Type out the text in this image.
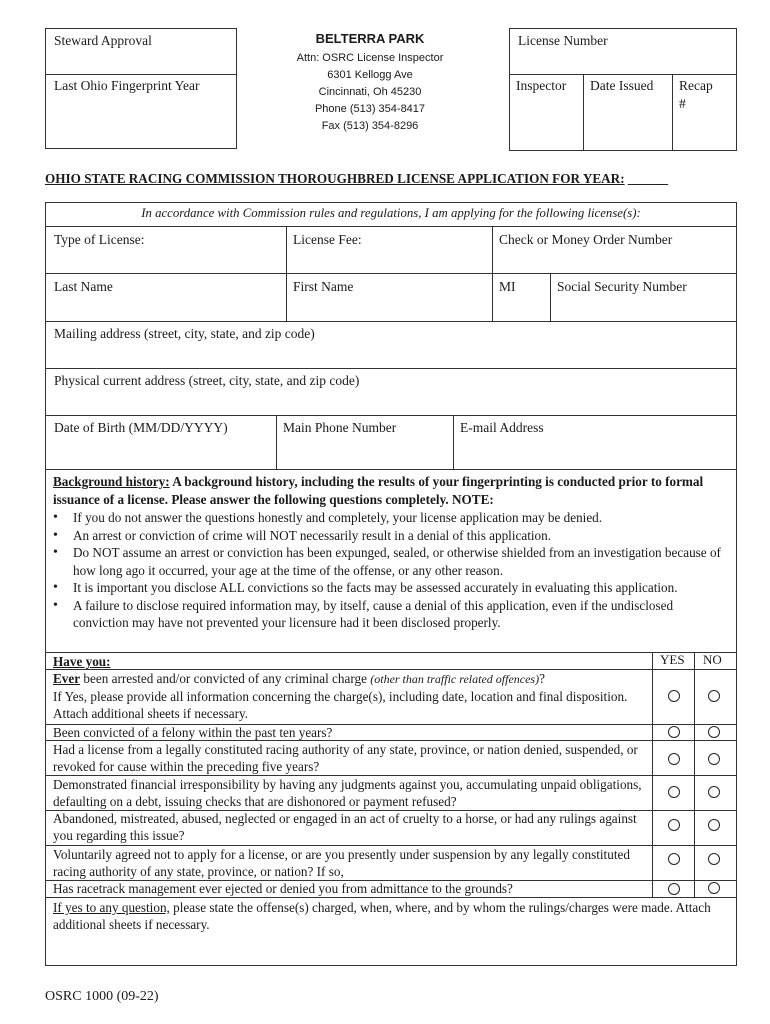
Steward Approval
Last Ohio Fingerprint Year
BELTERRA PARK
Attn: OSRC License Inspector
6301 Kellogg Ave
Cincinnati, Oh 45230
Phone (513) 354-8417
Fax (513) 354-8296
License Number
Inspector Date Issued Recap
#
OHIO STATE RACING COMMISSION THOROUGHBRED LICENSE APPLICATION FOR YEAR: _______
In accordance with Commission rules and regulations, I am applying for the following license(s):
Type of License:	License Fee:	Check or Money Order Number
Last Name	First Name	MI	Social Security Number
Mailing address (street, city, state, and zip code)
Physical current address (street, city, state, and zip code)
Date of Birth (MM/DD/YYYY)	Main Phone Number	E-mail Address
Background history: A background history, including the results of your fingerprinting is conducted prior to formal issuance of a license. Please answer the following questions completely. NOTE:
• If you do not answer the questions honestly and completely, your license application may be denied.
• An arrest or conviction of crime will NOT necessarily result in a denial of this application.
• Do NOT assume an arrest or conviction has been expunged, sealed, or otherwise shielded from an investigation because of how long ago it occurred, your age at the time of the offense, or any other reason.
• It is important you disclose ALL convictions so the facts may be assessed accurately in evaluating this application.
• A failure to disclose required information may, by itself, cause a denial of this application, even if the undisclosed conviction may have not prevented your licensure had it been disclosed properly.
Have you:	YES NO
Ever been arrested and/or convicted of any criminal charge (other than traffic related offences)?
If Yes, please provide all information concerning the charge(s), including date, location and final disposition. Attach additional sheets if necessary.
Been convicted of a felony within the past ten years?
Had a license from a legally constituted racing authority of any state, province, or nation denied, suspended, or revoked for cause within the preceding five years?
Demonstrated financial irresponsibility by having any judgments against you, accumulating unpaid obligations, defaulting on a debt, issuing checks that are dishonored or payment refused?
Abandoned, mistreated, abused, neglected or engaged in an act of cruelty to a horse, or had any rulings against you regarding this issue?
Voluntarily agreed not to apply for a license, or are you presently under suspension by any legally constituted racing authority of any state, province, or nation? If so,
Has racetrack management ever ejected or denied you from admittance to the grounds?
If yes to any question, please state the offense(s) charged, when, where, and by whom the rulings/charges were made. Attach additional sheets if necessary.
OSRC 1000 (09-22)
